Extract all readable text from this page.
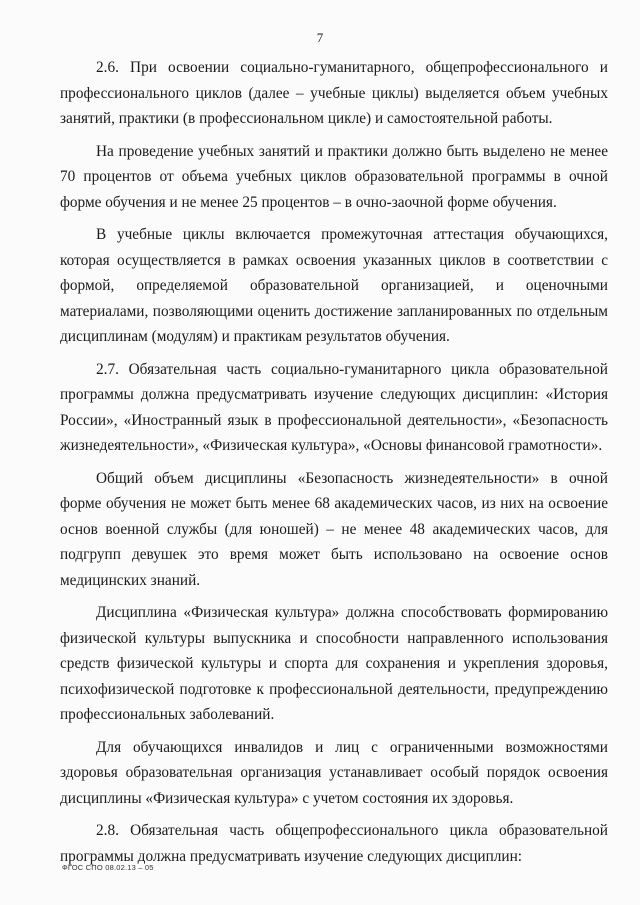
7

2.6. При освоении социально-гуманитарного, общепрофессионального и профессионального циклов (далее – учебные циклы) выделяется объем учебных занятий, практики (в профессиональном цикле) и самостоятельной работы.

На проведение учебных занятий и практики должно быть выделено не менее 70 процентов от объема учебных циклов образовательной программы в очной форме обучения и не менее 25 процентов – в очно-заочной форме обучения.

В учебные циклы включается промежуточная аттестация обучающихся, которая осуществляется в рамках освоения указанных циклов в соответствии с формой, определяемой образовательной организацией, и оценочными материалами, позволяющими оценить достижение запланированных по отдельным дисциплинам (модулям) и практикам результатов обучения.

2.7. Обязательная часть социально-гуманитарного цикла образовательной программы должна предусматривать изучение следующих дисциплин: «История России», «Иностранный язык в профессиональной деятельности», «Безопасность жизнедеятельности», «Физическая культура», «Основы финансовой грамотности».

Общий объем дисциплины «Безопасность жизнедеятельности» в очной форме обучения не может быть менее 68 академических часов, из них на освоение основ военной службы (для юношей) – не менее 48 академических часов, для подгрупп девушек это время может быть использовано на освоение основ медицинских знаний.

Дисциплина «Физическая культура» должна способствовать формированию физической культуры выпускника и способности направленного использования средств физической культуры и спорта для сохранения и укрепления здоровья, психофизической подготовке к профессиональной деятельности, предупреждению профессиональных заболеваний.

Для обучающихся инвалидов и лиц с ограниченными возможностями здоровья образовательная организация устанавливает особый порядок освоения дисциплины «Физическая культура» с учетом состояния их здоровья.

2.8. Обязательная часть общепрофессионального цикла образовательной программы должна предусматривать изучение следующих дисциплин:

ФГОС СПО 08.02.13 – 05
